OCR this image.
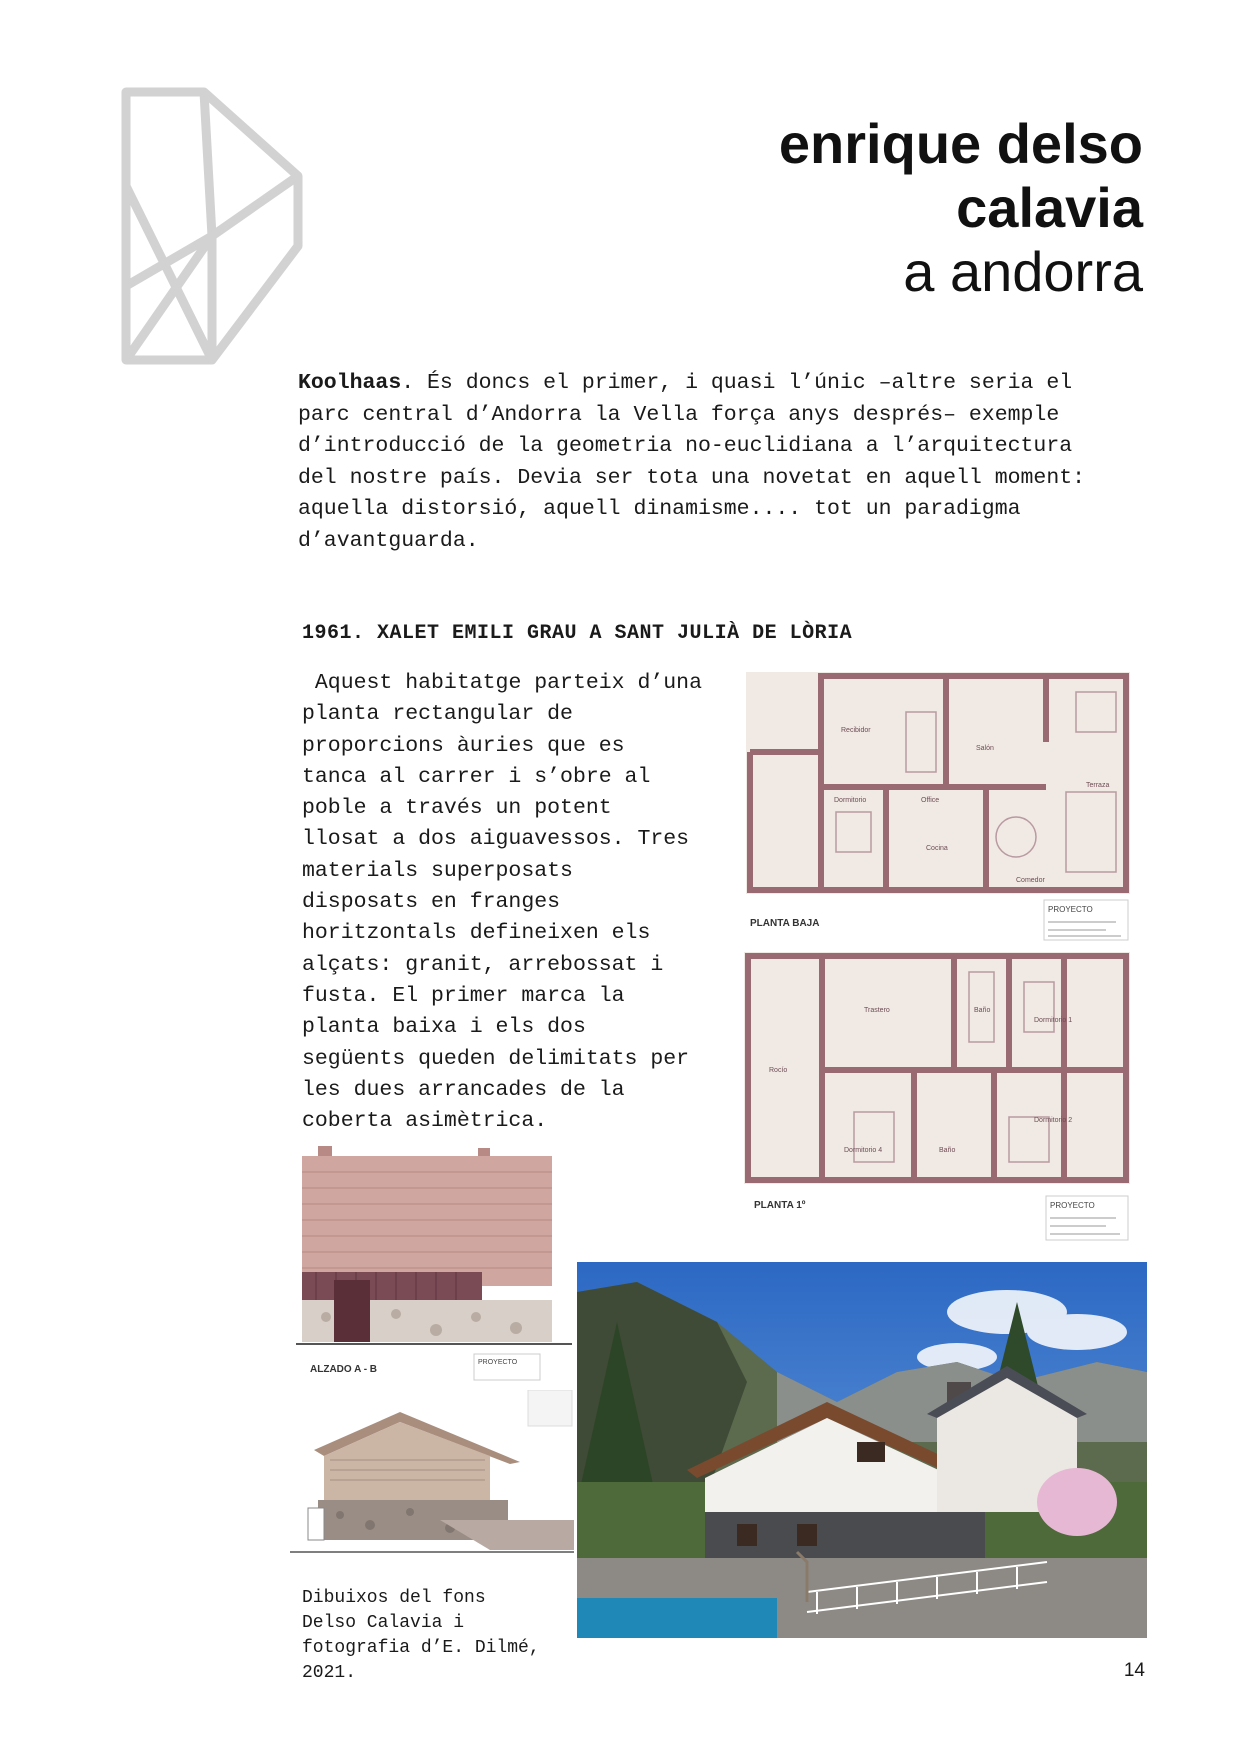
enrique delso
calavia
a andorra

Koolhaas. És doncs el primer, i quasi l’únic –altre seria el
parc central d’Andorra la Vella força anys després– exemple
d’introducció de la geometria no-euclidiana a l’arquitectura
del nostre país. Devia ser tota una novetat en aquell moment:
aquella distorsió, aquell dinamisme.... tot un paradigma
d’avantguarda.

1961. XALET EMILI GRAU A SANT JULIÀ DE LÒRIA

Aquest habitatge parteix d’una
planta rectangular de
proporcions àuries que es
tanca al carrer i s’obre al
poble a través un potent
llosat a dos aiguavessos. Tres
materials superposats
disposats en franges
horitzontals defineixen els
alçats: granit, arrebossat i
fusta. El primer marca la
planta baixa i els dos
següents queden delimitats per
les dues arrancades de la
coberta asimètrica.

Recibidor
Salón
Dormitorio	Office
Cocina
Comedor
Terraza
PLANTA BAJA
PROYECTO
Rocío
Trastero	Baño
Dormitorio 1
Dormitorio 4	Baño
Dormitorio 2
PLANTA 1º	PROYECTO
ALZADO A - B
PROYECTO

Dibuixos del fons
Delso Calavia i
fotografia d’E. Dilmé,
2021.	14
